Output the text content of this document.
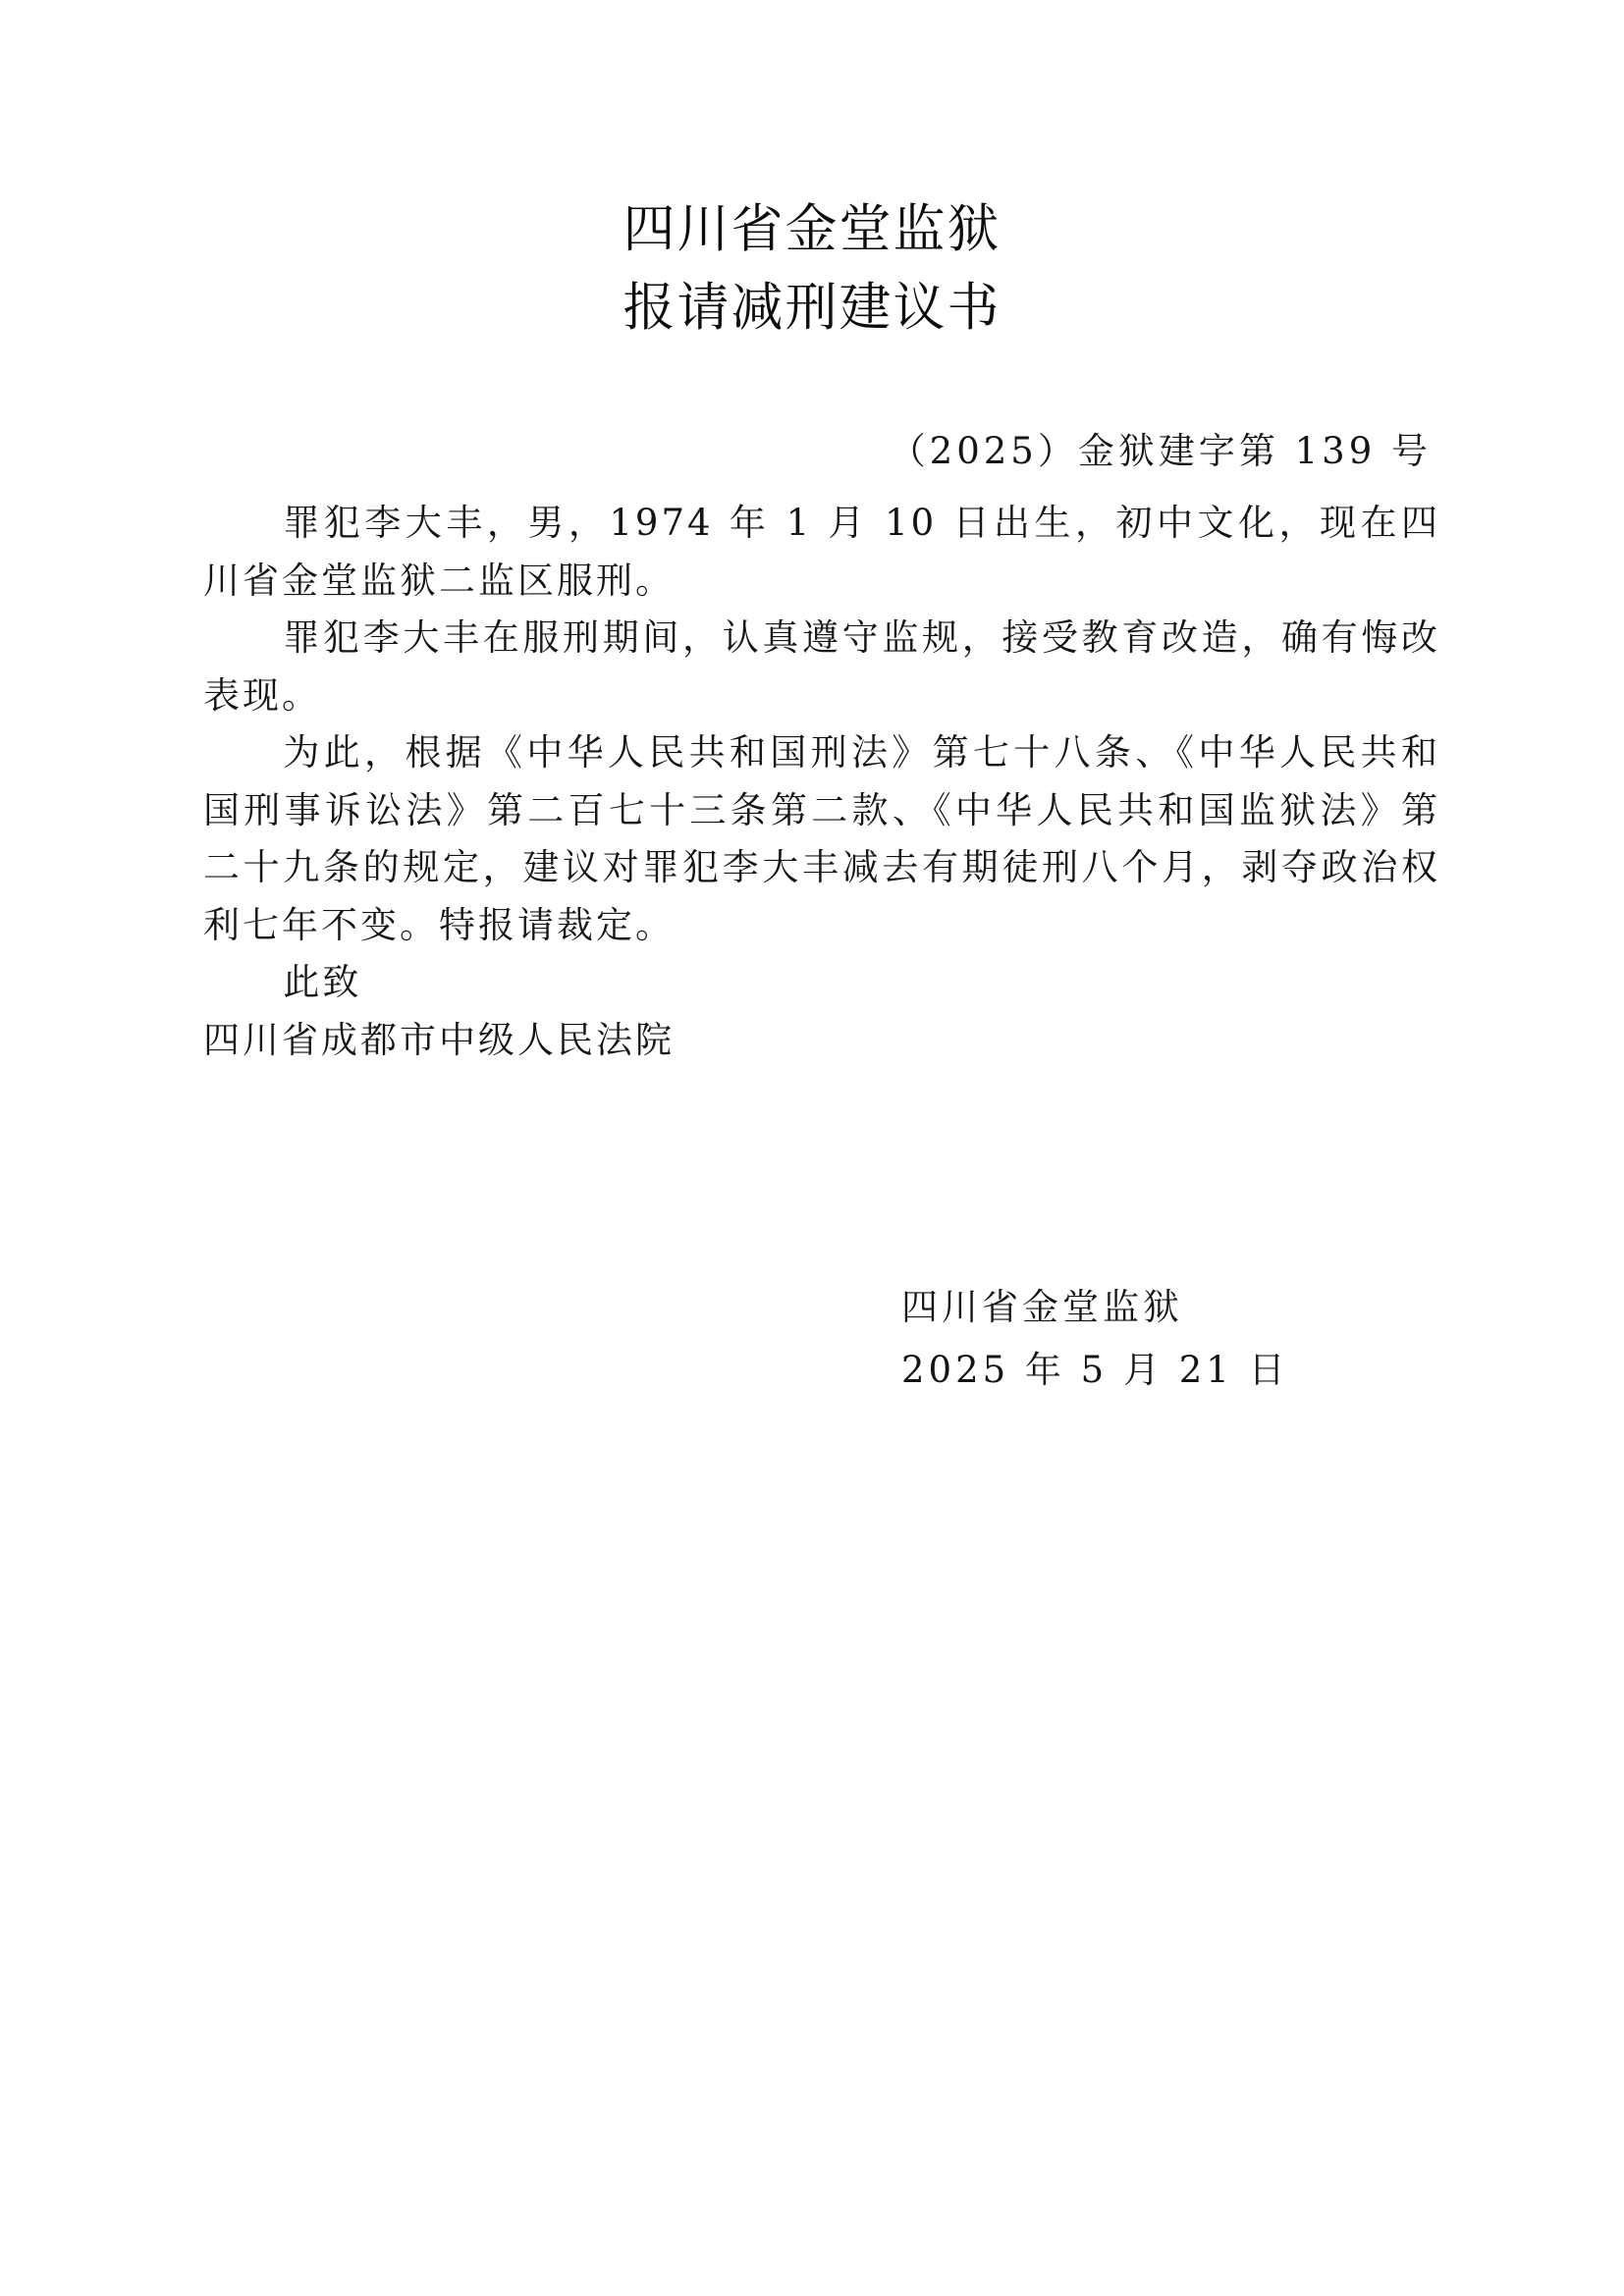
四川省金堂监狱
报请减刑建议书
（2025）金狱建字第 139 号

罪犯李大丰，男，1974 年 1 月 10 日出生，初中文化，现在四川省金堂监狱二监区服刑。

罪犯李大丰在服刑期间，认真遵守监规，接受教育改造，确有悔改表现。

为此，根据《中华人民共和国刑法》第七十八条、《中华人民共和国刑事诉讼法》第二百七十三条第二款、《中华人民共和国监狱法》第二十九条的规定，建议对罪犯李大丰减去有期徒刑八个月，剥夺政治权利七年不变。特报请裁定。

此致

四川省成都市中级人民法院

四川省金堂监狱
2025 年 5 月 21 日
